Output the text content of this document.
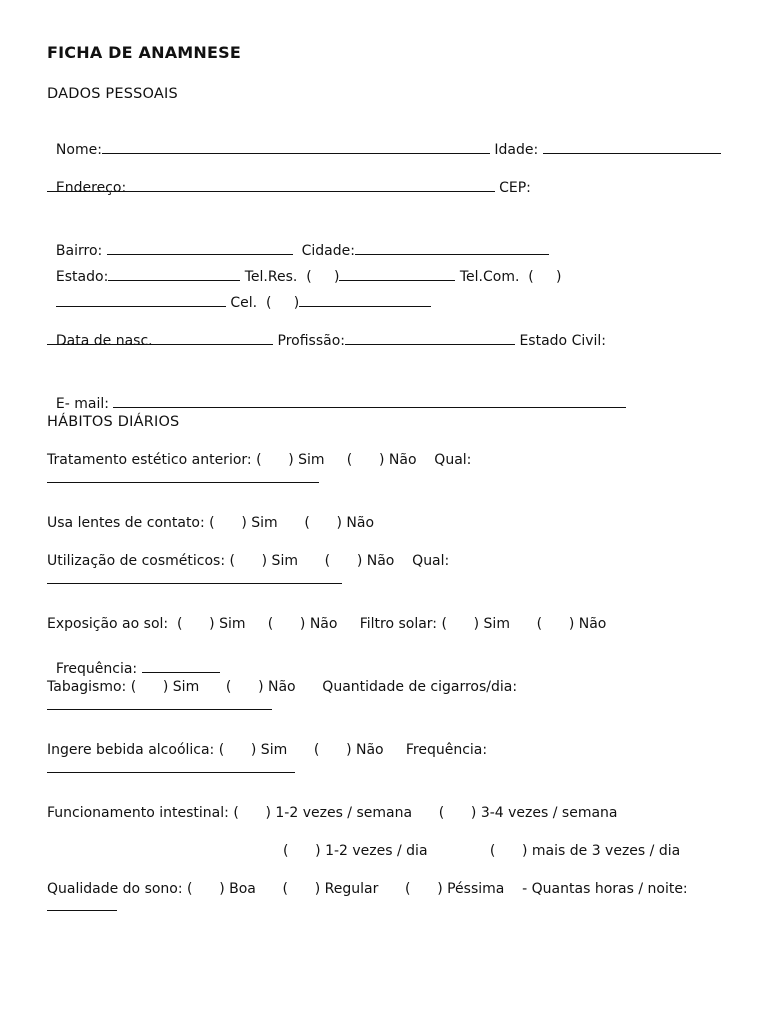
FICHA DE ANAMNESE
DADOS PESSOAIS

Nome:	Idade:

Endereço:	CEP:

Bairro:	Cidade:

Estado:	Tel.Res.  (     )	Tel.Com.  (     )

Cel.  (     )

Data de nasc.	Profissão:	Estado Civil:

E- mail:

HÁBITOS DIÁRIOS
Tratamento estético anterior: (      ) Sim     (      ) Não    Qual:
Usa lentes de contato: (      ) Sim      (      ) Não
Utilização de cosméticos: (      ) Sim      (      ) Não    Qual:
Exposição ao sol:  (      ) Sim     (      ) Não     Filtro solar: (      ) Sim      (      ) Não

Frequência:

Tabagismo: (      ) Sim      (      ) Não      Quantidade de cigarros/dia:
Ingere bebida alcoólica: (      ) Sim      (      ) Não     Frequência:
Funcionamento intestinal: (      ) 1-2 vezes / semana      (      ) 3-4 vezes / semana
(      ) 1-2 vezes / dia              (      ) mais de 3 vezes / dia
Qualidade do sono: (      ) Boa      (      ) Regular      (      ) Péssima    - Quantas horas / noite:
